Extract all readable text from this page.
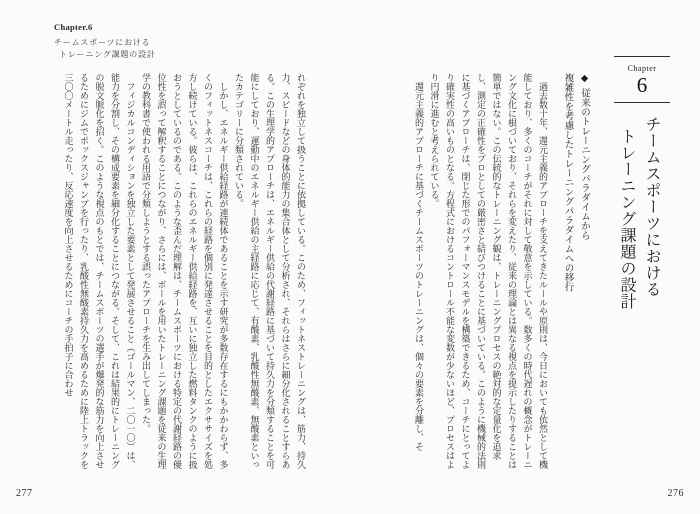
Chapter.6
チームスポーツにおける
トレーニング課題の設計

れぞれを独立して扱うことに依拠している。このため、フィットネストレーニングは、筋力、持久力、スピードなどの身体的能力の集合体として分析され、それらはさらに細分化されることすらある。この生理学的アプローチは、エネルギー供給の代謝経路に基づいて持久力を分類することを可能にしており、運動中のエネルギー供給の主経路に応じて、有酸素、乳酸性無酸素、無酸素といったカテゴリーに分類されている。

しかし、エネルギー供給経路が連続体であることを示す研究が多数存在するにもかかわらず、多くのフィットネスコーチは、これらの経路を個別に発達させることを目的としたエクササイズを処方し続けている。彼らは、これらのエネルギー供給経路を、互いに独立した燃料タンクのように扱おうとしているのである。このような歪んだ理解は、チームスポーツにおける特定の代謝経路の優位性を誤って解釈することにつながり、さらには、ボールを用いたトレーニング課題を従来の生理学の教科書で使われる用語で分類しようとする誤ったアプローチを生み出してしまった。

フィジカルコンディションを独立した要素として発展させること（ゴールマン、二〇一〇）は、能力を分割し、その構成要素を細分化することにつながる。そして、これは結果的にトレーニングの脱文脈化を招く。このような視点のもとでは、チームスポーツの選手が爆発的な筋力を向上させるためにジムでボックスジャンプを行ったり、乳酸性無酸素持久力を高めるために陸上トラックを三〇〇メートル走ったり、反応速度を向上させるためにコーチの手拍子に合わせ

277
Chapter
6
チームスポーツにおける
トレーニング課題の設計
◆従来のトレーニングパラダイムから
複雑性を考慮したトレーニングパラダイムへの移行

過去数十年、還元主義的アプローチを支えてきたルールや原則は、今日においても依然として機能しており、多くのコーチがそれに対して敬意を示している。数多くの時代遅れの概念がトレーニング文化に根づいており、それらを変えたり、従来の理論とは異なる視点を提示したりすることは簡単ではない。この伝統的なトレーニング観は、トレーニングプロセスの絶対的な定量化を追求し、測定の正確性をプロとしての厳密さと結びつけることに基づいている。このように機械的法則に基づくアプローチは、閉じた形でのパフォーマンスモデルを構築できるため、コーチにとってより確実性の高いものとなる。方程式におけるコントロール不能な変数が少ないほど、プロセスはより円滑に進むと考えられている。

還元主義的アプローチに基づくチームスポーツのトレーニングは、個々の要素を分離し、そ

276
